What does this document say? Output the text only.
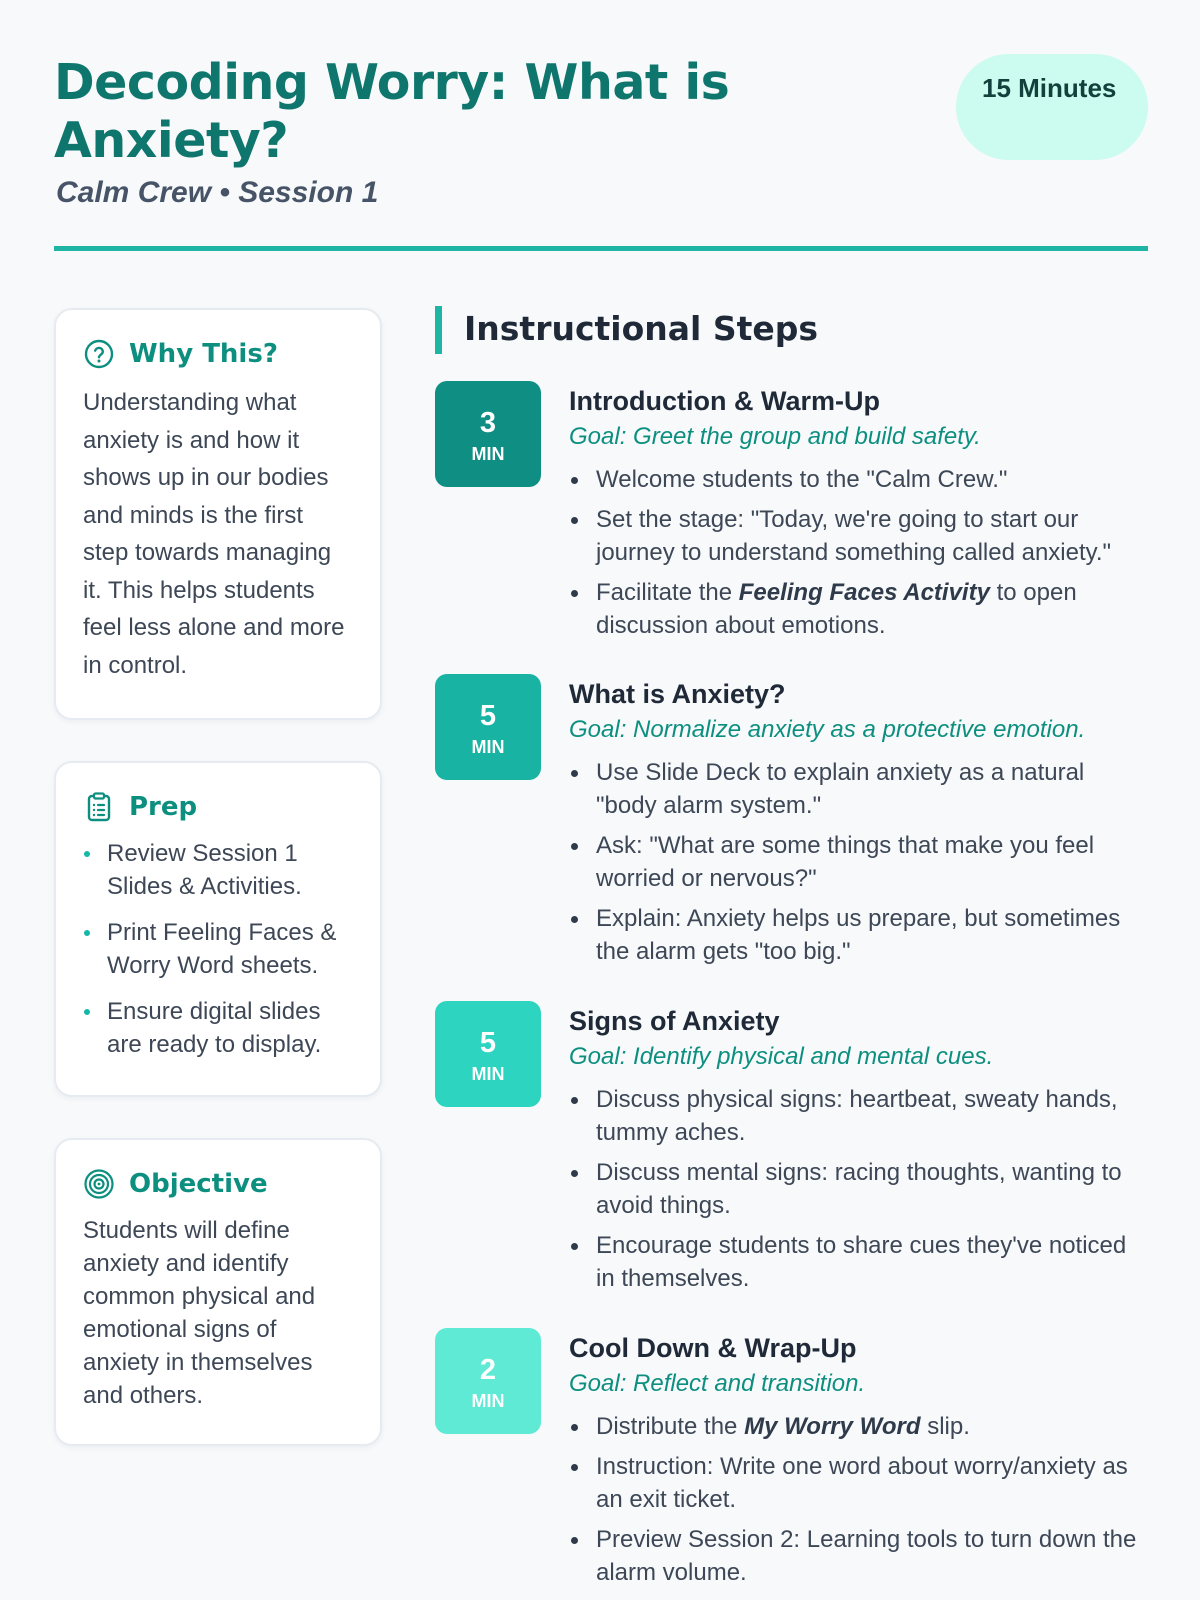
Decoding Worry: What is Anxiety?
Calm Crew • Session 1
15 Minutes
Why This?

Understanding what anxiety is and how it shows up in our bodies and minds is the first step towards managing it. This helps students feel less alone and more in control.

Prep
Review Session 1 Slides & Activities.
Print Feeling Faces & Worry Word sheets.
Ensure digital slides are ready to display.
Objective

Students will define anxiety and identify common physical and emotional signs of anxiety in themselves and others.

Instructional Steps
3
MIN
Introduction & Warm-Up
Goal: Greet the group and build safety.
Welcome students to the "Calm Crew."
Set the stage: "Today, we're going to start our journey to understand something called anxiety."
Facilitate the Feeling Faces Activity to open discussion about emotions.
5
MIN
What is Anxiety?
Goal: Normalize anxiety as a protective emotion.
Use Slide Deck to explain anxiety as a natural "body alarm system."
Ask: "What are some things that make you feel worried or nervous?"
Explain: Anxiety helps us prepare, but sometimes the alarm gets "too big."
5
MIN
Signs of Anxiety
Goal: Identify physical and mental cues.
Discuss physical signs: heartbeat, sweaty hands, tummy aches.
Discuss mental signs: racing thoughts, wanting to avoid things.
Encourage students to share cues they've noticed in themselves.
2
MIN
Cool Down & Wrap-Up
Goal: Reflect and transition.
Distribute the My Worry Word slip.
Instruction: Write one word about worry/anxiety as an exit ticket.
Preview Session 2: Learning tools to turn down the alarm volume.
